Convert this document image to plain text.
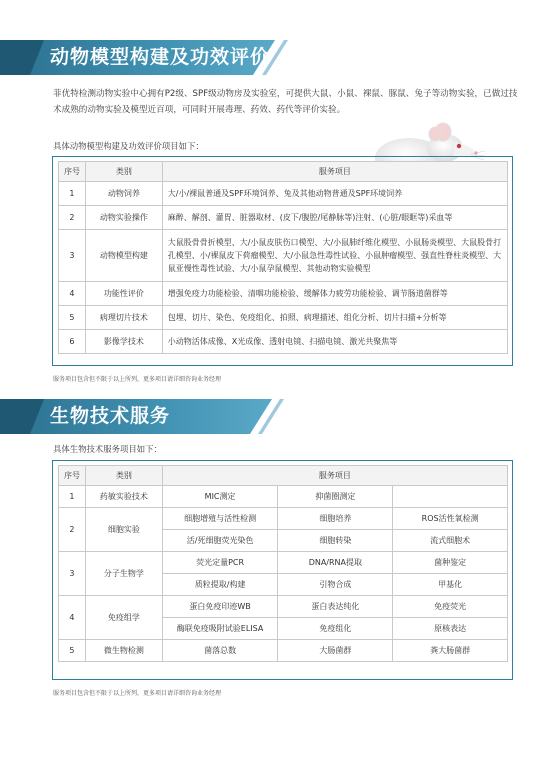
动物模型构建及功效评价
菲优特检测动物实验中心拥有P2级、SPF级动物房及实验室，可提供大鼠、小鼠、裸鼠、豚鼠、兔子等动物实验，已做过技术成熟的动物实验及模型近百项，可同时开展毒理、药效、药代等评价实验。
具体动物模型构建及功效评价项目如下：
序号	类别	服务项目
1	动物饲养	大/小/裸鼠普通及SPF环境饲养、兔及其他动物普通及SPF环境饲养
2	动物实验操作	麻醉、解剖、灌胃、脏器取材、(皮下/腹腔/尾静脉等)注射、(心脏/眼眶等)采血等
3	动物模型构建	大鼠股骨骨折模型、大/小鼠皮肤伤口模型、大/小鼠肺纤维化模型、小鼠肠炎模型、大鼠股骨打孔模型、小/裸鼠皮下荷瘤模型、大/小鼠急性毒性试验、小鼠肿瘤模型、强直性脊柱炎模型、大鼠亚慢性毒性试验、大/小鼠孕鼠模型、其他动物实验模型
4	功能性评价	增强免疫力功能检验、清咽功能检验、缓解体力疲劳功能检验、调节肠道菌群等
5	病理切片技术	包埋、切片、染色、免疫组化、拍照、病理描述、组化分析、切片扫描+分析等
6	影像学技术	小动物活体成像、X光成像、透射电镜、扫描电镜、激光共聚焦等
服务项目包含但不限于以上所列，更多项目请详细咨询业务经理
生物技术服务
具体生物技术服务项目如下：
序号	类别	服务项目		
1	药敏实验技术	MIC测定	抑菌圈测定	
2	细胞实验	细胞增殖与活性检测	细胞培养	ROS活性氧检测
		活/死细胞荧光染色	细胞转染	流式细胞术
3	分子生物学	荧光定量PCR	DNA/RNA提取	菌种鉴定
		质粒提取/构建	引物合成	甲基化
4	免疫组学	蛋白免疫印迹WB	蛋白表达纯化	免疫荧光
		酶联免疫吸附试验ELISA	免疫组化	原核表达
5	微生物检测	菌落总数	大肠菌群	粪大肠菌群
服务项目包含但不限于以上所列，更多项目请详细咨询业务经理
